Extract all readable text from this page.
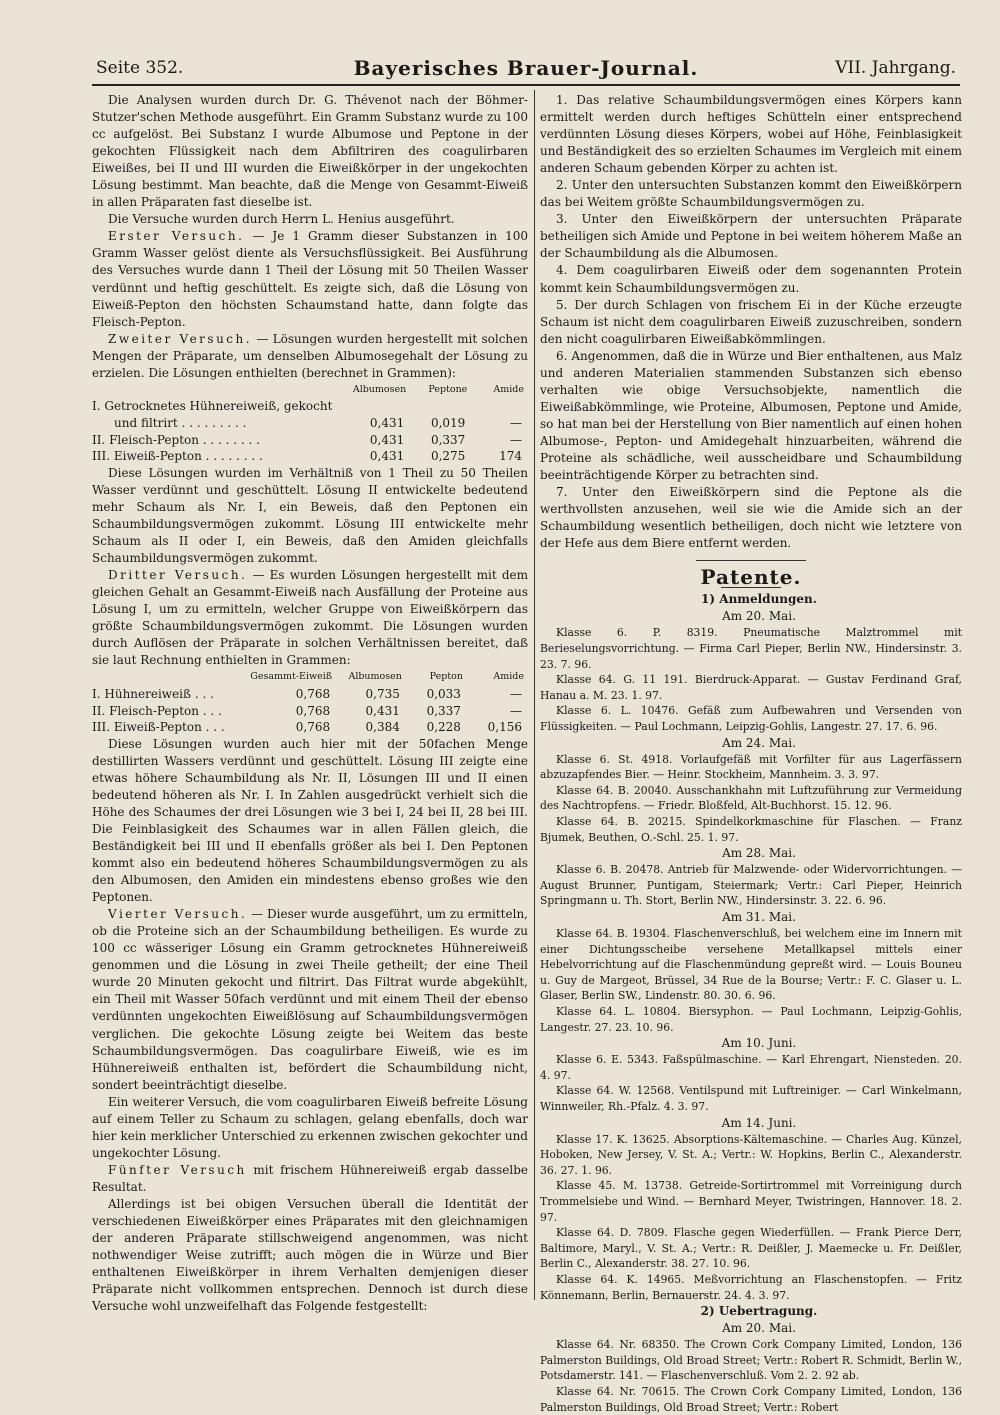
Seite 352.	Bayerisches Brauer-Journal.	VII. Jahrgang.

Die Analysen wurden durch Dr. G. Thévenot nach der Böhmer-Stutzer'schen Methode ausgeführt. Ein Gramm Substanz wurde zu 100 cc aufgelöst. Bei Substanz I wurde Albumose und Peptone in der gekochten Flüssigkeit nach dem Abfiltriren des coagulirbaren Eiweißes, bei II und III wurden die Eiweißkörper in der ungekochten Lösung bestimmt. Man beachte, daß die Menge von Gesammt-Eiweiß in allen Präparaten fast dieselbe ist.

Die Versuche wurden durch Herrn L. Henius ausgeführt.

Erster Versuch. — Je 1 Gramm dieser Substanzen in 100 Gramm Wasser gelöst diente als Versuchsflüssigkeit. Bei Ausführung des Versuches wurde dann 1 Theil der Lösung mit 50 Theilen Wasser verdünnt und heftig geschüttelt. Es zeigte sich, daß die Lösung von Eiweiß-Pepton den höchsten Schaumstand hatte, dann folgte das Fleisch-Pepton.

Zweiter Versuch. — Lösungen wurden hergestellt mit solchen Mengen der Präparate, um denselben Albumosegehalt der Lösung zu erzielen. Die Lösungen enthielten (berechnet in Grammen):

	Albumosen	Peptone	Amide
I. Getrocknetes Hühnereiweiß, gekocht			
und filtrirt . . . . . . . . .	0,431	0,019	—
II. Fleisch-Pepton . . . . . . . .	0,431	0,337	—
III. Eiweiß-Pepton . . . . . . . .	0,431	0,275	174

Diese Lösungen wurden im Verhältniß von 1 Theil zu 50 Theilen Wasser verdünnt und geschüttelt. Lösung II entwickelte bedeutend mehr Schaum als Nr. I, ein Beweis, daß den Peptonen ein Schaumbildungsvermögen zukommt. Lösung III entwickelte mehr Schaum als II oder I, ein Beweis, daß den Amiden gleichfalls Schaumbildungsvermögen zukommt.

Dritter Versuch. — Es wurden Lösungen hergestellt mit dem gleichen Gehalt an Gesammt-Eiweiß nach Ausfällung der Proteine aus Lösung I, um zu ermitteln, welcher Gruppe von Eiweißkörpern das größte Schaumbildungsvermögen zukommt. Die Lösungen wurden durch Auflösen der Präparate in solchen Verhältnissen bereitet, daß sie laut Rechnung enthielten in Grammen:

	Gesammt-Eiweiß	Albumosen	Pepton	Amide
I. Hühnereiweiß . . .	0,768	0,735	0,033	—
II. Fleisch-Pepton . . .	0,768	0,431	0,337	—
III. Eiweiß-Pepton . . .	0,768	0,384	0,228	0,156

Diese Lösungen wurden auch hier mit der 50fachen Menge destillirten Wassers verdünnt und geschüttelt. Lösung III zeigte eine etwas höhere Schaumbildung als Nr. II, Lösungen III und II einen bedeutend höheren als Nr. I. In Zahlen ausgedrückt verhielt sich die Höhe des Schaumes der drei Lösungen wie 3 bei I, 24 bei II, 28 bei III. Die Feinblasigkeit des Schaumes war in allen Fällen gleich, die Beständigkeit bei III und II ebenfalls größer als bei I. Den Peptonen kommt also ein bedeutend höheres Schaumbildungsvermögen zu als den Albumosen, den Amiden ein mindestens ebenso großes wie den Peptonen.

Vierter Versuch. — Dieser wurde ausgeführt, um zu ermitteln, ob die Proteine sich an der Schaumbildung betheiligen. Es wurde zu 100 cc wässeriger Lösung ein Gramm getrocknetes Hühnereiweiß genommen und die Lösung in zwei Theile getheilt; der eine Theil wurde 20 Minuten gekocht und filtrirt. Das Filtrat wurde abgekühlt, ein Theil mit Wasser 50fach verdünnt und mit einem Theil der ebenso verdünnten ungekochten Eiweißlösung auf Schaumbildungsvermögen verglichen. Die gekochte Lösung zeigte bei Weitem das beste Schaumbildungsvermögen. Das coagulirbare Eiweiß, wie es im Hühnereiweiß enthalten ist, befördert die Schaumbildung nicht, sondert beeinträchtigt dieselbe.

Ein weiterer Versuch, die vom coagulirbaren Eiweiß befreite Lösung auf einem Teller zu Schaum zu schlagen, gelang ebenfalls, doch war hier kein merklicher Unterschied zu erkennen zwischen gekochter und ungekochter Lösung.

Fünfter Versuch mit frischem Hühnereiweiß ergab dasselbe Resultat.

Allerdings ist bei obigen Versuchen überall die Identität der verschiedenen Eiweißkörper eines Präparates mit den gleichnamigen der anderen Präparate stillschweigend angenommen, was nicht nothwendiger Weise zutrifft; auch mögen die in Würze und Bier enthaltenen Eiweißkörper in ihrem Verhalten demjenigen dieser Präparate nicht vollkommen entsprechen. Dennoch ist durch diese Versuche wohl unzweifelhaft das Folgende festgestellt:

1. Das relative Schaumbildungsvermögen eines Körpers kann ermittelt werden durch heftiges Schütteln einer entsprechend verdünnten Lösung dieses Körpers, wobei auf Höhe, Feinblasigkeit und Beständigkeit des so erzielten Schaumes im Vergleich mit einem anderen Schaum gebenden Körper zu achten ist.

2. Unter den untersuchten Substanzen kommt den Eiweißkörpern das bei Weitem größte Schaumbildungsvermögen zu.

3. Unter den Eiweißkörpern der untersuchten Präparate betheiligen sich Amide und Peptone in bei weitem höherem Maße an der Schaumbildung als die Albumosen.

4. Dem coagulirbaren Eiweiß oder dem sogenannten Protein kommt kein Schaumbildungsvermögen zu.

5. Der durch Schlagen von frischem Ei in der Küche erzeugte Schaum ist nicht dem coagulirbaren Eiweiß zuzuschreiben, sondern den nicht coagulirbaren Eiweißabkömmlingen.

6. Angenommen, daß die in Würze und Bier enthaltenen, aus Malz und anderen Materialien stammenden Substanzen sich ebenso verhalten wie obige Versuchsobjekte, namentlich die Eiweißabkömmlinge, wie Proteine, Albumosen, Peptone und Amide, so hat man bei der Herstellung von Bier namentlich auf einen hohen Albumose-, Pepton- und Amidegehalt hinzuarbeiten, während die Proteine als schädliche, weil ausscheidbare und Schaumbildung beeinträchtigende Körper zu betrachten sind.

7. Unter den Eiweißkörpern sind die Peptone als die werthvollsten anzusehen, weil sie wie die Amide sich an der Schaumbildung wesentlich betheiligen, doch nicht wie letztere von der Hefe aus dem Biere entfernt werden.

Patente.

1) Anmeldungen.

Am 20. Mai.

Klasse 6. P. 8319. Pneumatische Malztrommel mit Berieselungsvorrichtung. — Firma Carl Pieper, Berlin NW., Hindersinstr. 3. 23. 7. 96.

Klasse 64. G. 11 191. Bierdruck-Apparat. — Gustav Ferdinand Graf, Hanau a. M. 23. 1. 97.

Klasse 6. L. 10476. Gefäß zum Aufbewahren und Versenden von Flüssigkeiten. — Paul Lochmann, Leipzig-Gohlis, Langestr. 27. 17. 6. 96.

Am 24. Mai.

Klasse 6. St. 4918. Vorlaufgefäß mit Vorfilter für aus Lagerfässern abzuzapfendes Bier. — Heinr. Stockheim, Mannheim. 3. 3. 97.

Klasse 64. B. 20040. Ausschankhahn mit Luftzuführung zur Vermeidung des Nachtropfens. — Friedr. Bloßfeld, Alt-Buchhorst. 15. 12. 96.

Klasse 64. B. 20215. Spindelkorkmaschine für Flaschen. — Franz Bjumek, Beuthen, O.-Schl. 25. 1. 97.

Am 28. Mai.

Klasse 6. B. 20478. Antrieb für Malzwende- oder Widervorrichtungen. — August Brunner, Puntigam, Steiermark; Vertr.: Carl Pieper, Heinrich Springmann u. Th. Stort, Berlin NW., Hindersinstr. 3. 22. 6. 96.

Am 31. Mai.

Klasse 64. B. 19304. Flaschenverschluß, bei welchem eine im Innern mit einer Dichtungsscheibe versehene Metallkapsel mittels einer Hebelvorrichtung auf die Flaschenmündung gepreßt wird. — Louis Bouneu u. Guy de Margeot, Brüssel, 34 Rue de la Bourse; Vertr.: F. C. Glaser u. L. Glaser, Berlin SW., Lindenstr. 80. 30. 6. 96.

Klasse 64. L. 10804. Biersyphon. — Paul Lochmann, Leipzig-Gohlis, Langestr. 27. 23. 10. 96.

Am 10. Juni.

Klasse 6. E. 5343. Faßspülmaschine. — Karl Ehrengart, Niensteden. 20. 4. 97.

Klasse 64. W. 12568. Ventilspund mit Luftreiniger. — Carl Winkelmann, Winnweiler, Rh.-Pfalz. 4. 3. 97.

Am 14. Juni.

Klasse 17. K. 13625. Absorptions-Kältemaschine. — Charles Aug. Künzel, Hoboken, New Jersey, V. St. A.; Vertr.: W. Hopkins, Berlin C., Alexanderstr. 36. 27. 1. 96.

Klasse 45. M. 13738. Getreide-Sortirtrommel mit Vorreinigung durch Trommelsiebe und Wind. — Bernhard Meyer, Twistringen, Hannover. 18. 2. 97.

Klasse 64. D. 7809. Flasche gegen Wiederfüllen. — Frank Pierce Derr, Baltimore, Maryl., V. St. A.; Vertr.: R. Deißler, J. Maemecke u. Fr. Deißler, Berlin C., Alexanderstr. 38. 27. 10. 96.

Klasse 64. K. 14965. Meßvorrichtung an Flaschenstopfen. — Fritz Könnemann, Berlin, Bernauerstr. 24. 4. 3. 97.

2) Uebertragung.

Am 20. Mai.

Klasse 64. Nr. 68350. The Crown Cork Company Limited, London, 136 Palmerston Buildings, Old Broad Street; Vertr.: Robert R. Schmidt, Berlin W., Potsdamerstr. 141. — Flaschenverschluß. Vom 2. 2. 92 ab.

Klasse 64. Nr. 70615. The Crown Cork Company Limited, London, 136 Palmerston Buildings, Old Broad Street; Vertr.: Robert
